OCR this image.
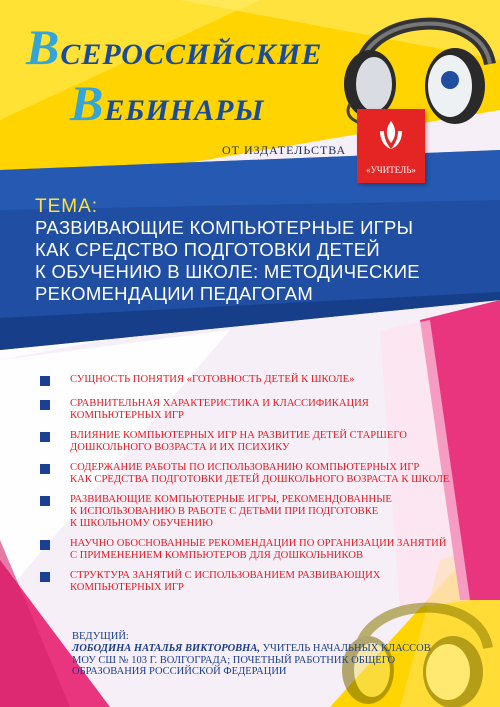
ВСЕРОССИЙСКИЕ
ВЕБИНАРЫ
ОТ ИЗДАТЕЛЬСТВА
«УЧИТЕЛЬ»
ТЕМА:
РАЗВИВАЮЩИЕ КОМПЬЮТЕРНЫЕ ИГРЫ
КАК СРЕДСТВО ПОДГОТОВКИ ДЕТЕЙ
К ОБУЧЕНИЮ В ШКОЛЕ: МЕТОДИЧЕСКИЕ
РЕКОМЕНДАЦИИ ПЕДАГОГАМ
СУЩНОСТЬ ПОНЯТИЯ «ГОТОВНОСТЬ ДЕТЕЙ К ШКОЛЕ»
СРАВНИТЕЛЬНАЯ ХАРАКТЕРИСТИКА И КЛАССИФИКАЦИЯ
КОМПЬЮТЕРНЫХ ИГР
ВЛИЯНИЕ КОМПЬЮТЕРНЫХ ИГР НА РАЗВИТИЕ ДЕТЕЙ СТАРШЕГО
ДОШКОЛЬНОГО ВОЗРАСТА И ИХ ПСИХИКУ
СОДЕРЖАНИЕ РАБОТЫ ПО ИСПОЛЬЗОВАНИЮ КОМПЬЮТЕРНЫХ ИГР
КАК СРЕДСТВА ПОДГОТОВКИ ДЕТЕЙ ДОШКОЛЬНОГО ВОЗРАСТА К ШКОЛЕ
РАЗВИВАЮЩИЕ КОМПЬЮТЕРНЫЕ ИГРЫ, РЕКОМЕНДОВАННЫЕ
К ИСПОЛЬЗОВАНИЮ В РАБОТЕ С ДЕТЬМИ ПРИ ПОДГОТОВКЕ
К ШКОЛЬНОМУ ОБУЧЕНИЮ
НАУЧНО ОБОСНОВАННЫЕ РЕКОМЕНДАЦИИ ПО ОРГАНИЗАЦИИ ЗАНЯТИЙ
С ПРИМЕНЕНИЕМ КОМПЬЮТЕРОВ ДЛЯ ДОШКОЛЬНИКОВ
СТРУКТУРА ЗАНЯТИЙ С ИСПОЛЬЗОВАНИЕМ РАЗВИВАЮЩИХ
КОМПЬЮТЕРНЫХ ИГР
ВЕДУЩИЙ:
ЛОБОДИНА НАТАЛЬЯ ВИКТОРОВНА, УЧИТЕЛЬ НАЧАЛЬНЫХ КЛАССОВ
МОУ СШ № 103 Г. ВОЛГОГРАДА; ПОЧЕТНЫЙ РАБОТНИК ОБЩЕГО
ОБРАЗОВАНИЯ РОССИЙСКОЙ ФЕДЕРАЦИИ
